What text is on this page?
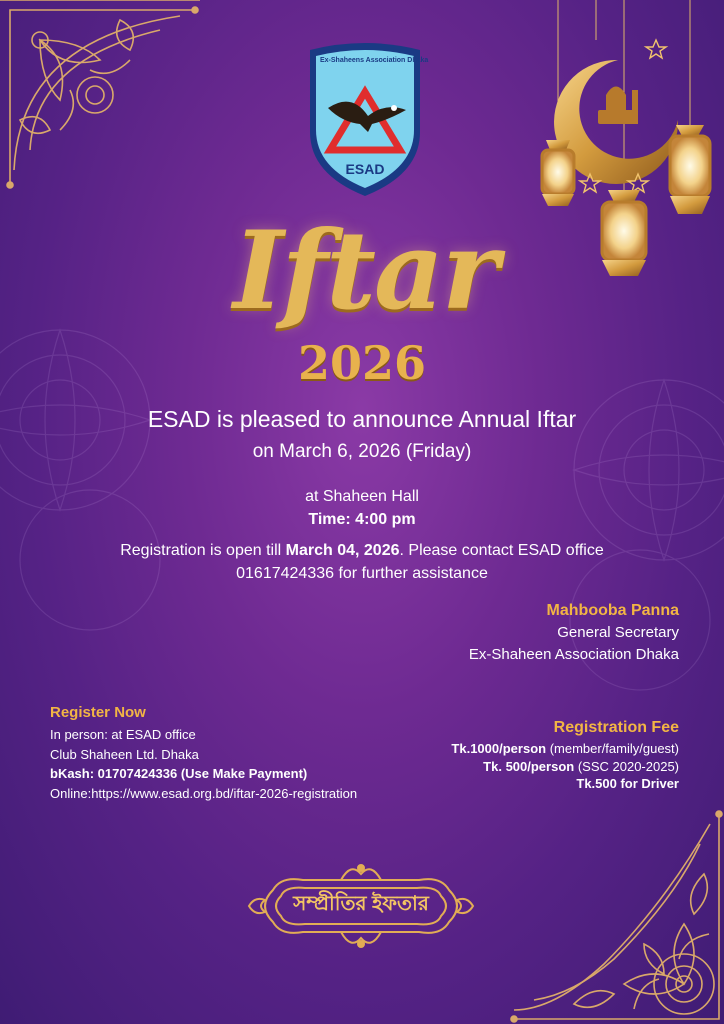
ESAD
Ex-Shaheens Association Dhaka
Iftar
2026
ESAD is pleased to announce Annual Iftar
on March 6, 2026 (Friday)
at Shaheen Hall
Time: 4:00 pm
Registration is open till March 04, 2026. Please contact ESAD office
01617424336 for further assistance
Mahbooba Panna
General Secretary
Ex-Shaheen Association Dhaka
Register Now
In person: at ESAD office
Club Shaheen Ltd. Dhaka
bKash: 01707424336 (Use Make Payment)
Online:https://www.esad.org.bd/iftar-2026-registration
Registration Fee
Tk.1000/person (member/family/guest)
Tk. 500/person (SSC 2020-2025)
Tk.500 for Driver
সম্প্রীতির ইফতার
